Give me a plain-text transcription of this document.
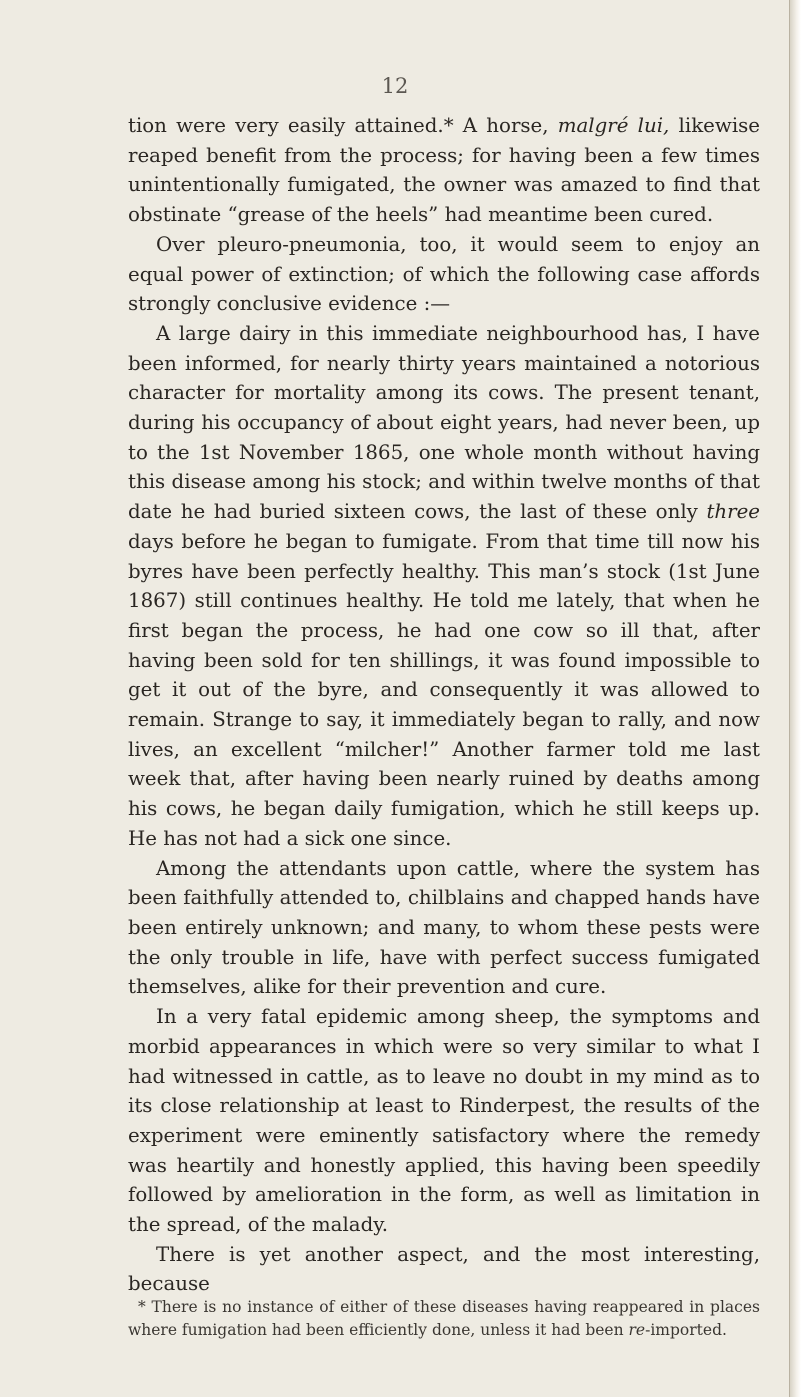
12

tion were very easily attained.* A horse, malgré lui, likewise reaped benefit from the process; for having been a few times unintentionally fumigated, the owner was amazed to find that obstinate “grease of the heels” had meantime been cured.

Over pleuro-pneumonia, too, it would seem to enjoy an equal power of extinction; of which the following case affords strongly conclusive evidence :—

A large dairy in this immediate neighbourhood has, I have been informed, for nearly thirty years maintained a notorious character for mortality among its cows. The present tenant, during his occupancy of about eight years, had never been, up to the 1st November 1865, one whole month without having this disease among his stock; and within twelve months of that date he had buried sixteen cows, the last of these only three days before he began to fumigate. From that time till now his byres have been perfectly healthy. This man’s stock (1st June 1867) still continues healthy. He told me lately, that when he first began the process, he had one cow so ill that, after having been sold for ten shillings, it was found impossible to get it out of the byre, and consequently it was allowed to remain. Strange to say, it immediately began to rally, and now lives, an excellent “milcher!” Another farmer told me last week that, after having been nearly ruined by deaths among his cows, he began daily fumigation, which he still keeps up. He has not had a sick one since.

Among the attendants upon cattle, where the system has been faithfully attended to, chilblains and chapped hands have been entirely unknown; and many, to whom these pests were the only trouble in life, have with perfect success fumigated themselves, alike for their prevention and cure.

In a very fatal epidemic among sheep, the symptoms and morbid appearances in which were so very similar to what I had witnessed in cattle, as to leave no doubt in my mind as to its close relationship at least to Rinderpest, the results of the experiment were eminently satisfactory where the remedy was heartily and honestly applied, this having been speedily followed by amelioration in the form, as well as limitation in the spread, of the malady.

There is yet another aspect, and the most interesting, because

* There is no instance of either of these diseases having reappeared in places where fumigation had been efficiently done, unless it had been re-imported.
